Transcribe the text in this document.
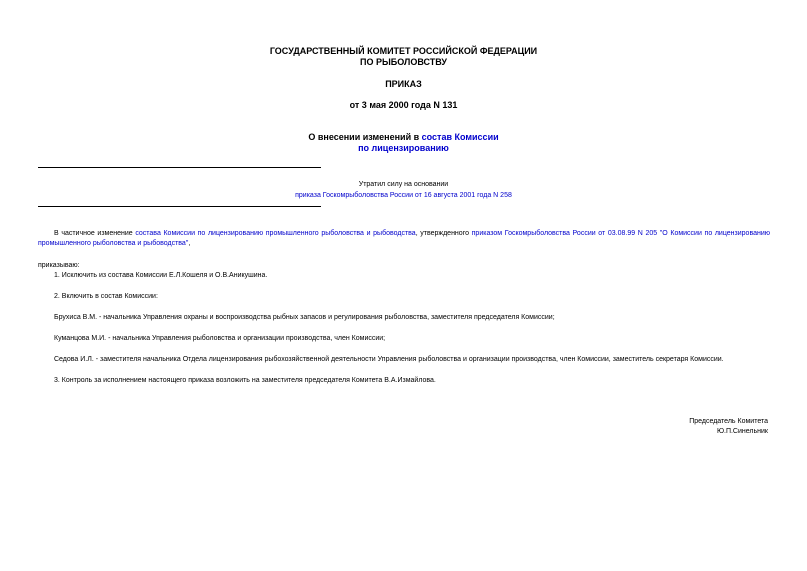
ГОСУДАРСТВЕННЫЙ КОМИТЕТ РОССИЙСКОЙ ФЕДЕРАЦИИ
ПО РЫБОЛОВСТВУ
ПРИКАЗ
от 3 мая 2000 года N 131
О внесении изменений в состав Комиссии
по лицензированию
Утратил силу на основании
приказа Госкомрыболовства России от 16 августа 2001 года N 258
В частичное изменение состава Комиссии по лицензированию промышленного рыболовства и рыбоводства, утвержденного приказом Госкомрыболовства России от 03.08.99 N 205 "О Комиссии по лицензированию промышленного рыболовства и рыбоводства",
приказываю:
1. Исключить из состава Комиссии Е.Л.Кошеля и О.В.Аникушина.
2. Включить в состав Комиссии:
Брухиса В.М. - начальника Управления охраны и воспроизводства рыбных запасов и регулирования рыболовства, заместителя председателя Комиссии;
Куманцова М.И. - начальника Управления рыболовства и организации производства, член Комиссии;
Седова И.Л. - заместителя начальника Отдела лицензирования рыбохозяйственной деятельности Управления рыболовства и организации производства, член Комиссии, заместитель секретаря Комиссии.
3. Контроль за исполнением настоящего приказа возложить на заместителя председателя Комитета В.А.Измайлова.
Председатель Комитета
Ю.П.Синельник
